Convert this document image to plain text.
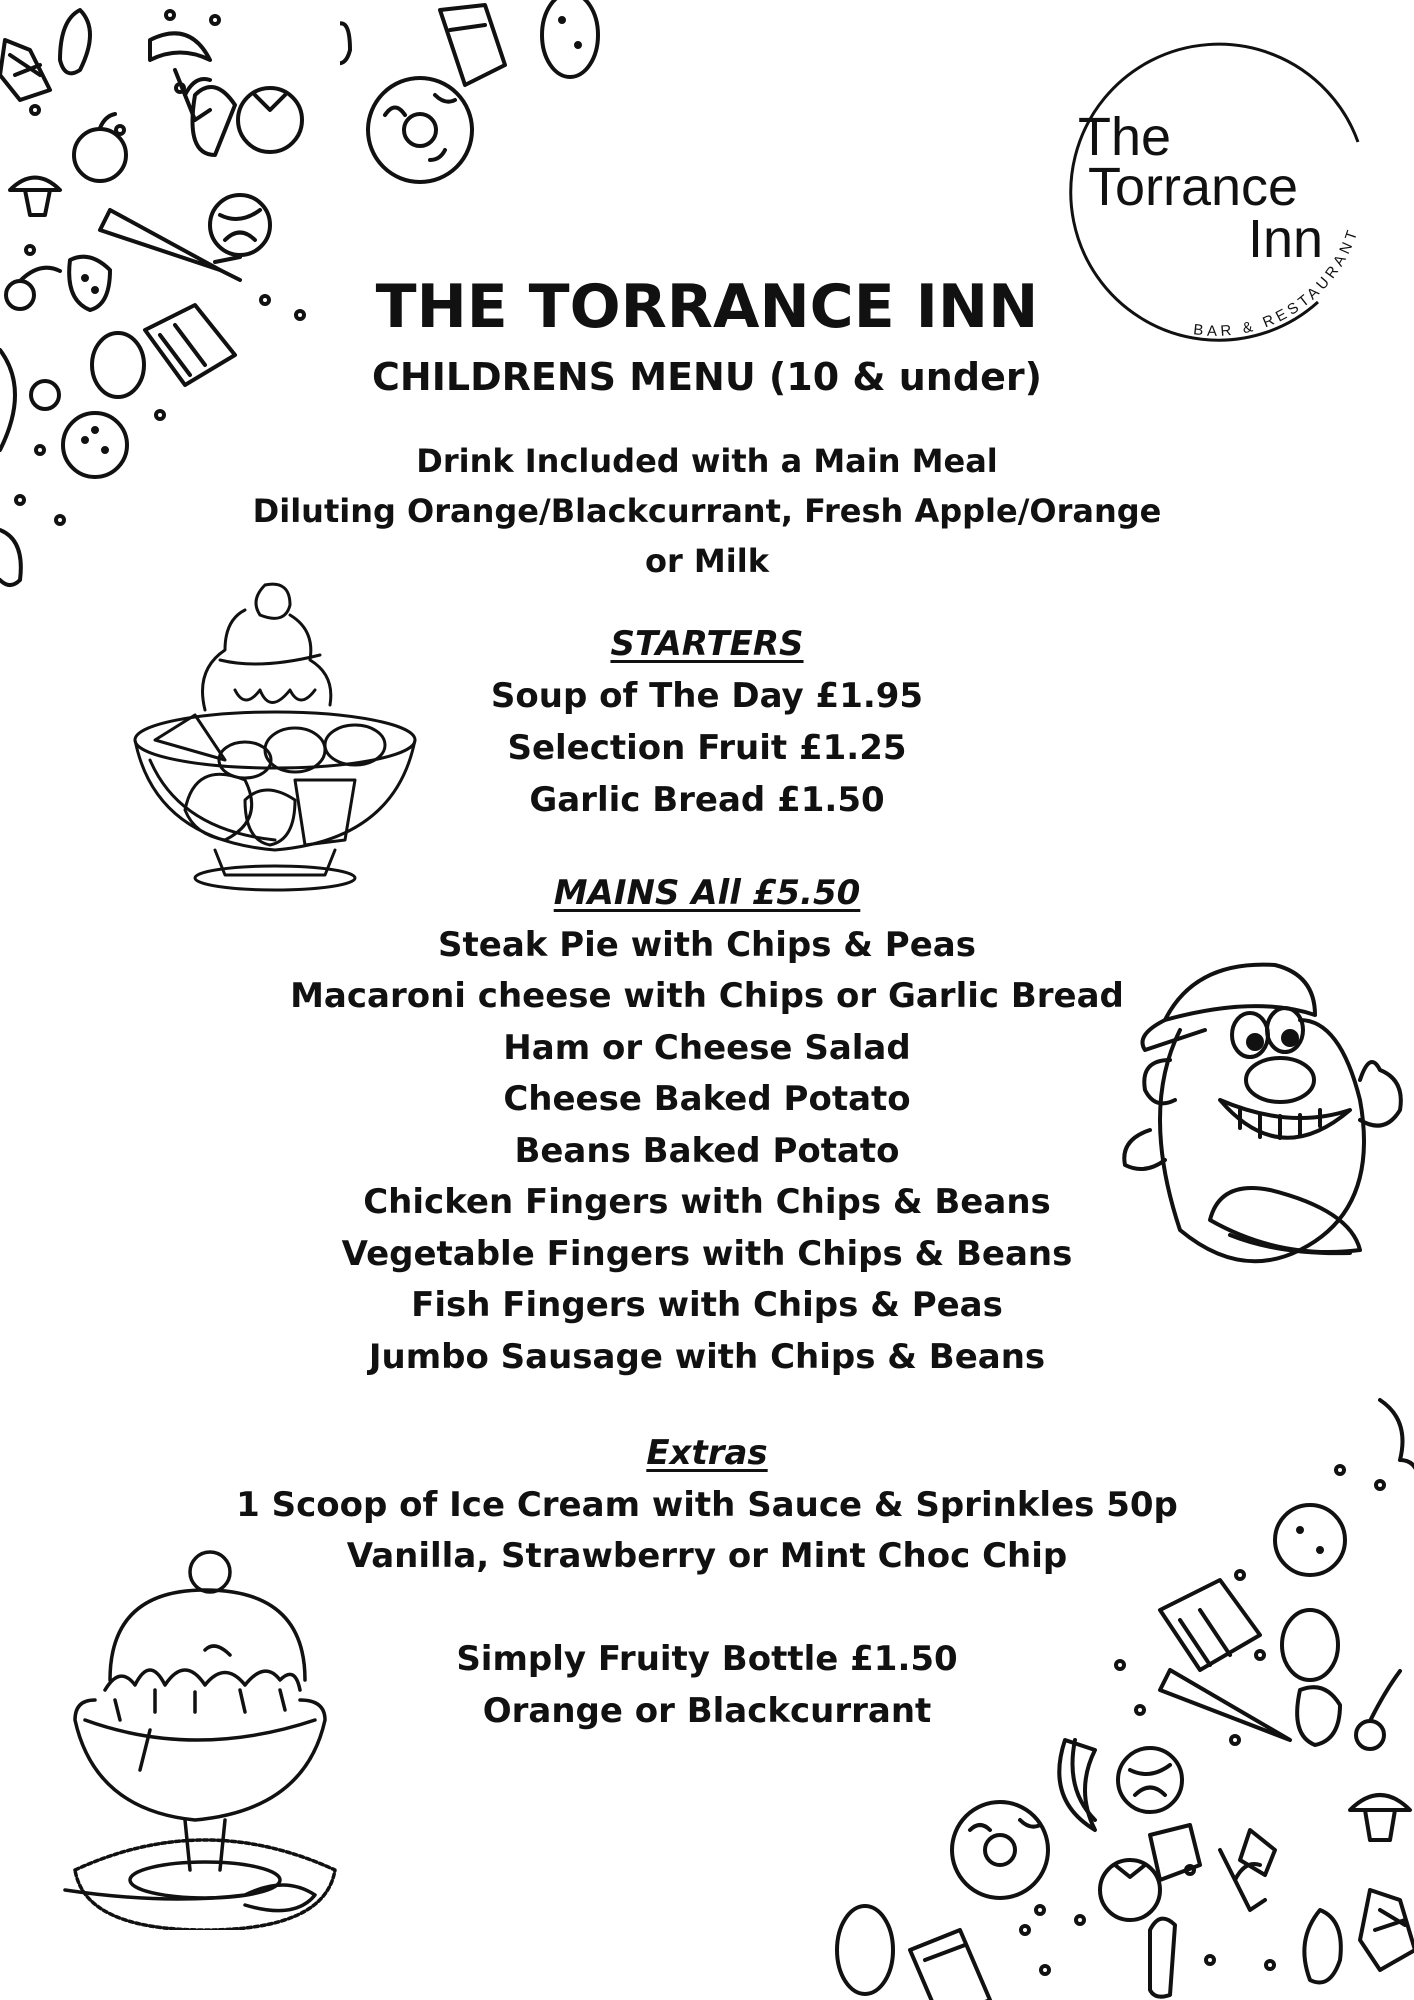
The
Torrance
Inn
BAR & RESTAURANT
THE TORRANCE INN
CHILDRENS MENU (10 & under)
Drink Included with a Main Meal
Diluting Orange/Blackcurrant, Fresh Apple/Orange
or Milk
STARTERS
Soup of The Day £1.95
Selection Fruit £1.25
Garlic Bread £1.50
MAINS All £5.50
Steak Pie with Chips & Peas
Macaroni cheese with Chips or Garlic Bread
Ham or Cheese Salad
Cheese Baked Potato
Beans Baked Potato
Chicken Fingers with Chips & Beans
Vegetable Fingers with Chips & Beans
Fish Fingers with Chips & Peas
Jumbo Sausage with Chips & Beans
Extras
1 Scoop of Ice Cream with Sauce & Sprinkles 50p
Vanilla, Strawberry or Mint Choc Chip
Simply Fruity Bottle £1.50
Orange or Blackcurrant
